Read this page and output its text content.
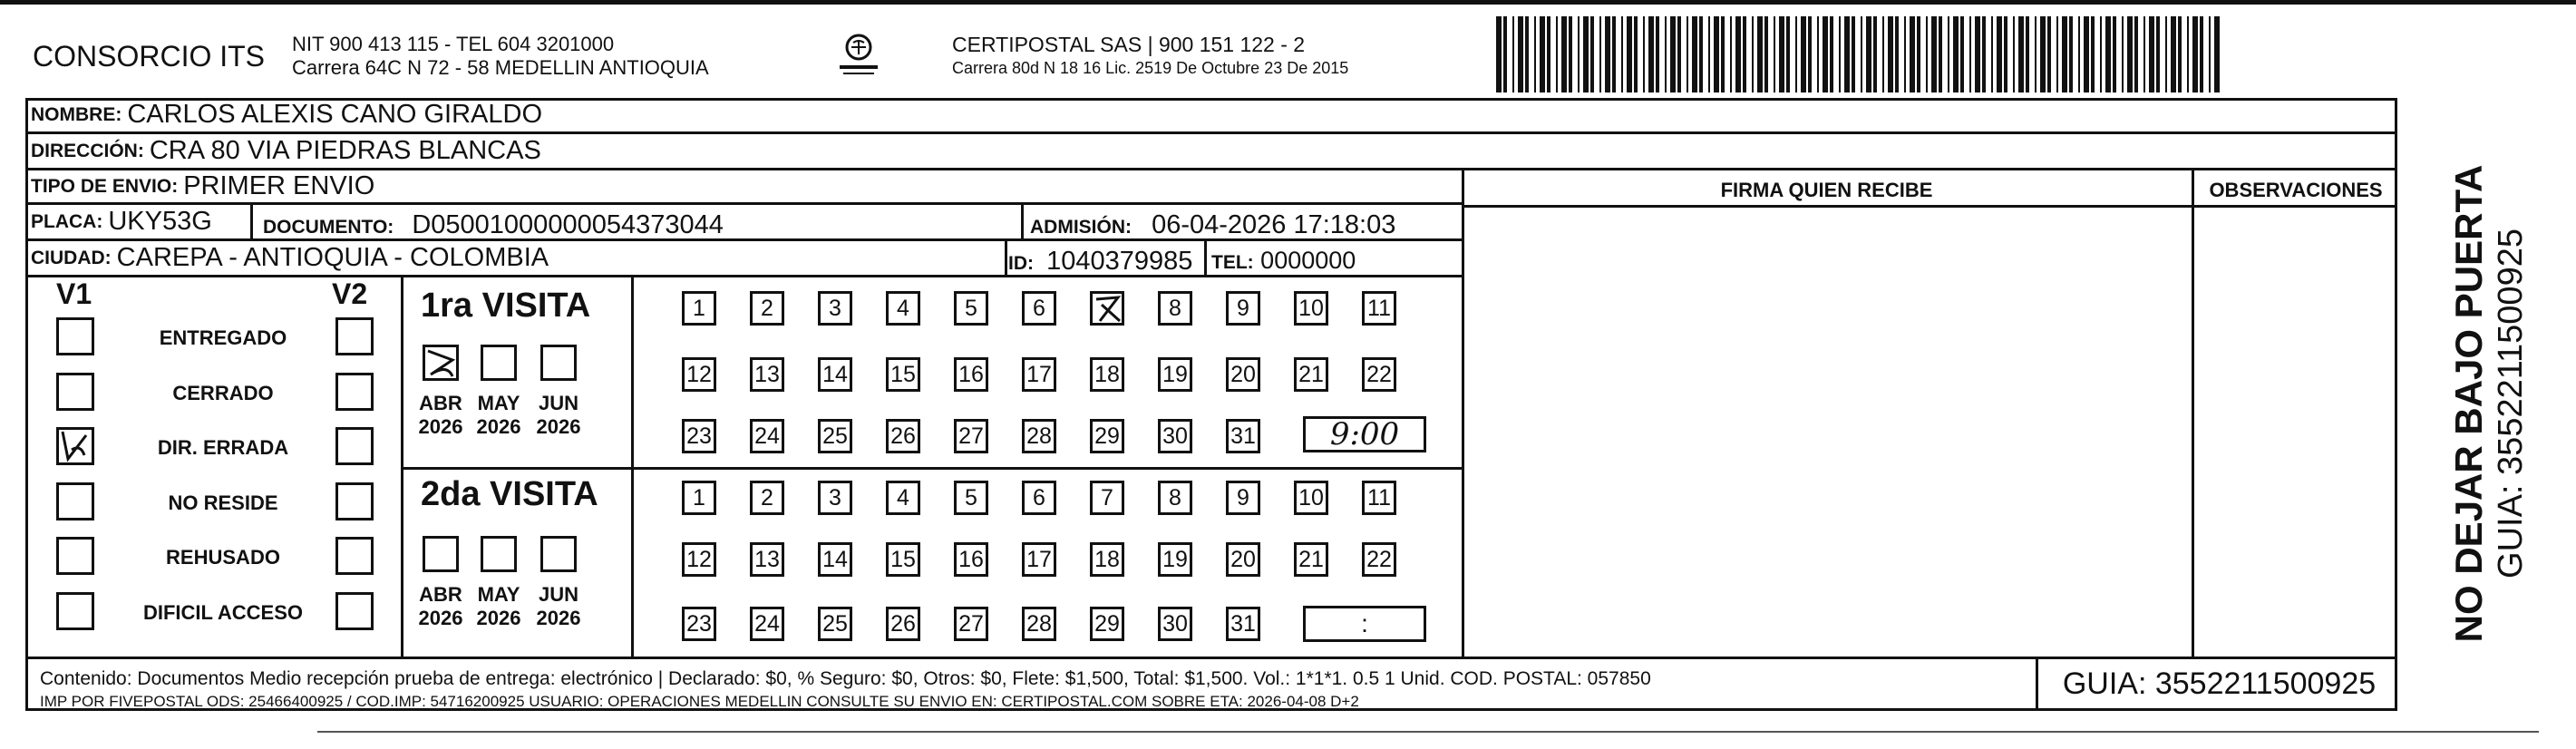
CONSORCIO ITS NIT 900 413 115 - TEL 604 3201000
Carrera 64C N 72 - 58 MEDELLIN ANTIOQUIA
CERTIPOSTAL SAS | 900 151 122 - 2
Carrera 80d N 18 16 Lic. 2519 De Octubre 23 De 2015
NOMBRE: CARLOS ALEXIS CANO GIRALDO
DIRECCIÓN: CRA 80 VIA PIEDRAS BLANCAS
TIPO DE ENVIO: PRIMER ENVIO
PLACA: UKY53G	DOCUMENTO: D05001000000054373044	ADMISIÓN: 06-04-2026 17:18:03
CIUDAD: CAREPA - ANTIOQUIA - COLOMBIA	ID: 1040379985 TEL: 0000000
FIRMA QUIEN RECIBE	OBSERVACIONES
V1	V2
ENTREGADO
CERRADO
DIR. ERRADA
NO RESIDE
REHUSADO
DIFICIL ACCESO
1ra VISITA
2da VISITA
ABR
2026
MAY
2026
JUN
2026
ABR
2026
MAY
2026
JUN
2026
1 2 3 4 5 6	8 9 10 11
12 13 14 15 16 17 18 19 20 21 22
23 24 25 26 27 28 29 30 31
1 2 3 4 5 6 7 8 9 10 11
12 13 14 15 16 17 18 19 20 21 22
23 24 25 26 27 28 29 30 31
9:00
:
Contenido: Documentos Medio recepción prueba de entrega: electrónico | Declarado: $0, % Seguro: $0, Otros: $0, Flete: $1,500, Total: $1,500. Vol.: 1*1*1. 0.5 1 Unid. COD. POSTAL: 057850
IMP POR FIVEPOSTAL ODS: 25466400925 / COD.IMP: 54716200925 USUARIO: OPERACIONES MEDELLIN CONSULTE SU ENVIO EN: CERTIPOSTAL.COM SOBRE ETA: 2026-04-08 D+2
GUIA: 3552211500925
NO DEJAR BAJO PUERTA GUIA: 3552211500925
